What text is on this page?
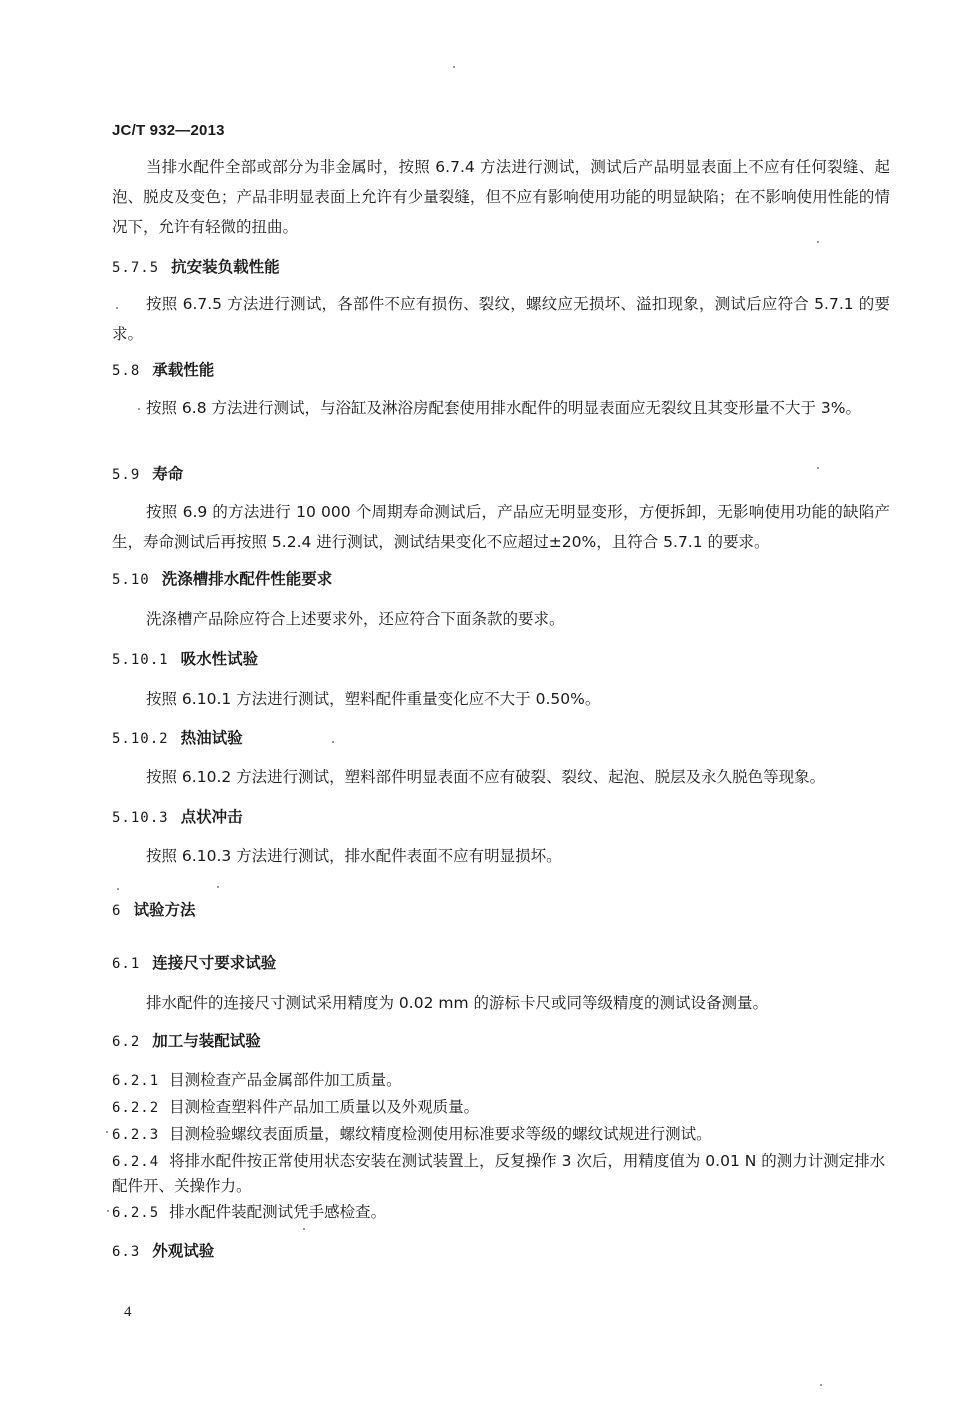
JC/T 932—2013
当排水配件全部或部分为非金属时，按照 6.7.4 方法进行测试，测试后产品明显表面上不应有任何裂缝、起泡、脱皮及变色；产品非明显表面上允许有少量裂缝，但不应有影响使用功能的明显缺陷；在不影响使用性能的情况下，允许有轻微的扭曲。
5.7.5 抗安装负载性能
按照 6.7.5 方法进行测试，各部件不应有损伤、裂纹，螺纹应无损坏、溢扣现象，测试后应符合 5.7.1 的要求。
5.8 承载性能
按照 6.8 方法进行测试，与浴缸及淋浴房配套使用排水配件的明显表面应无裂纹且其变形量不大于 3%。
5.9 寿命
按照 6.9 的方法进行 10 000 个周期寿命测试后，产品应无明显变形，方便拆卸，无影响使用功能的缺陷产生，寿命测试后再按照 5.2.4 进行测试，测试结果变化不应超过±20%，且符合 5.7.1 的要求。
5.10 洗涤槽排水配件性能要求
洗涤槽产品除应符合上述要求外，还应符合下面条款的要求。
5.10.1 吸水性试验
按照 6.10.1 方法进行测试，塑料配件重量变化应不大于 0.50%。
5.10.2 热油试验
按照 6.10.2 方法进行测试，塑料部件明显表面不应有破裂、裂纹、起泡、脱层及永久脱色等现象。
5.10.3 点状冲击
按照 6.10.3 方法进行测试，排水配件表面不应有明显损坏。
6 试验方法
6.1 连接尺寸要求试验
排水配件的连接尺寸测试采用精度为 0.02 mm 的游标卡尺或同等级精度的测试设备测量。
6.2 加工与装配试验
6.2.1 目测检查产品金属部件加工质量。
6.2.2 目测检查塑料件产品加工质量以及外观质量。
6.2.3 目测检验螺纹表面质量，螺纹精度检测使用标准要求等级的螺纹试规进行测试。
6.2.4 将排水配件按正常使用状态安装在测试装置上，反复操作 3 次后，用精度值为 0.01 N 的测力计测定排水配件开、关操作力。
6.2.5 排水配件装配测试凭手感检查。
6.3 外观试验
4
